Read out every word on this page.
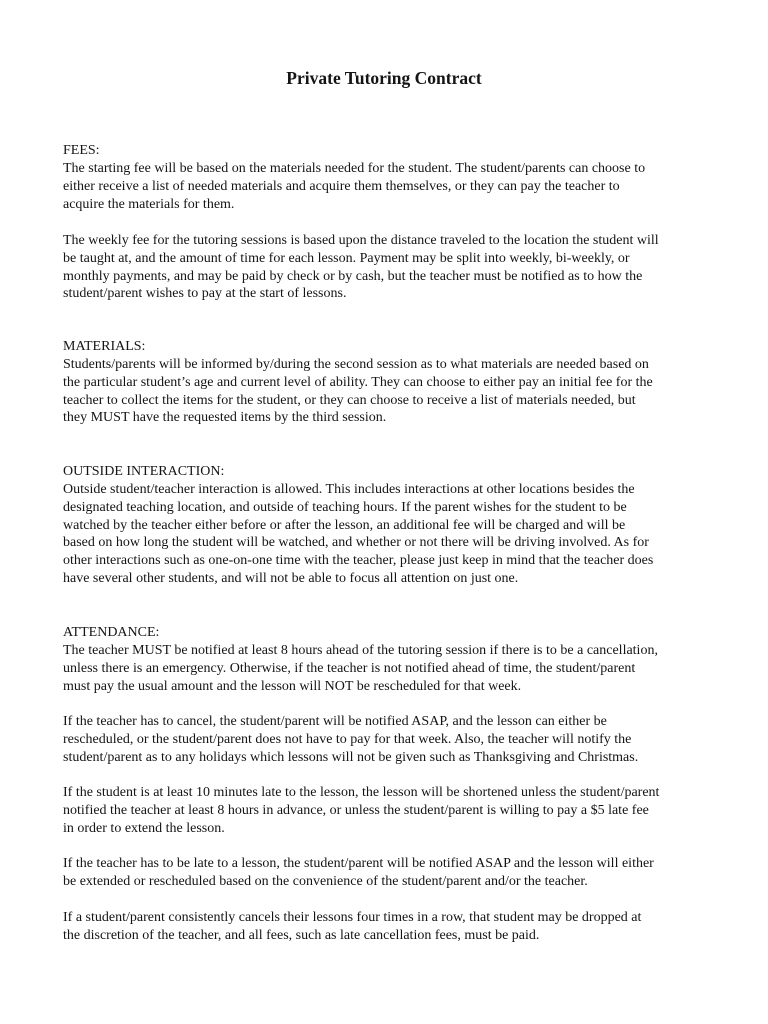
Private Tutoring Contract

FEES:

The starting fee will be based on the materials needed for the student. The student/parents can choose to
either receive a list of needed materials and acquire them themselves, or they can pay the teacher to
acquire the materials for them.

The weekly fee for the tutoring sessions is based upon the distance traveled to the location the student will
be taught at, and the amount of time for each lesson. Payment may be split into weekly, bi-weekly, or
monthly payments, and may be paid by check or by cash, but the teacher must be notified as to how the
student/parent wishes to pay at the start of lessons.

MATERIALS:

Students/parents will be informed by/during the second session as to what materials are needed based on
the particular student’s age and current level of ability. They can choose to either pay an initial fee for the
teacher to collect the items for the student, or they can choose to receive a list of materials needed, but
they MUST have the requested items by the third session.

OUTSIDE INTERACTION:

Outside student/teacher interaction is allowed. This includes interactions at other locations besides the
designated teaching location, and outside of teaching hours. If the parent wishes for the student to be
watched by the teacher either before or after the lesson, an additional fee will be charged and will be
based on how long the student will be watched, and whether or not there will be driving involved. As for
other interactions such as one-on-one time with the teacher, please just keep in mind that the teacher does
have several other students, and will not be able to focus all attention on just one.

ATTENDANCE:

The teacher MUST be notified at least 8 hours ahead of the tutoring session if there is to be a cancellation,
unless there is an emergency. Otherwise, if the teacher is not notified ahead of time, the student/parent
must pay the usual amount and the lesson will NOT be rescheduled for that week.

If the teacher has to cancel, the student/parent will be notified ASAP, and the lesson can either be
rescheduled, or the student/parent does not have to pay for that week. Also, the teacher will notify the
student/parent as to any holidays which lessons will not be given such as Thanksgiving and Christmas.

If the student is at least 10 minutes late to the lesson, the lesson will be shortened unless the student/parent
notified the teacher at least 8 hours in advance, or unless the student/parent is willing to pay a $5 late fee
in order to extend the lesson.

If the teacher has to be late to a lesson, the student/parent will be notified ASAP and the lesson will either
be extended or rescheduled based on the convenience of the student/parent and/or the teacher.

If a student/parent consistently cancels their lessons four times in a row, that student may be dropped at
the discretion of the teacher, and all fees, such as late cancellation fees, must be paid.
